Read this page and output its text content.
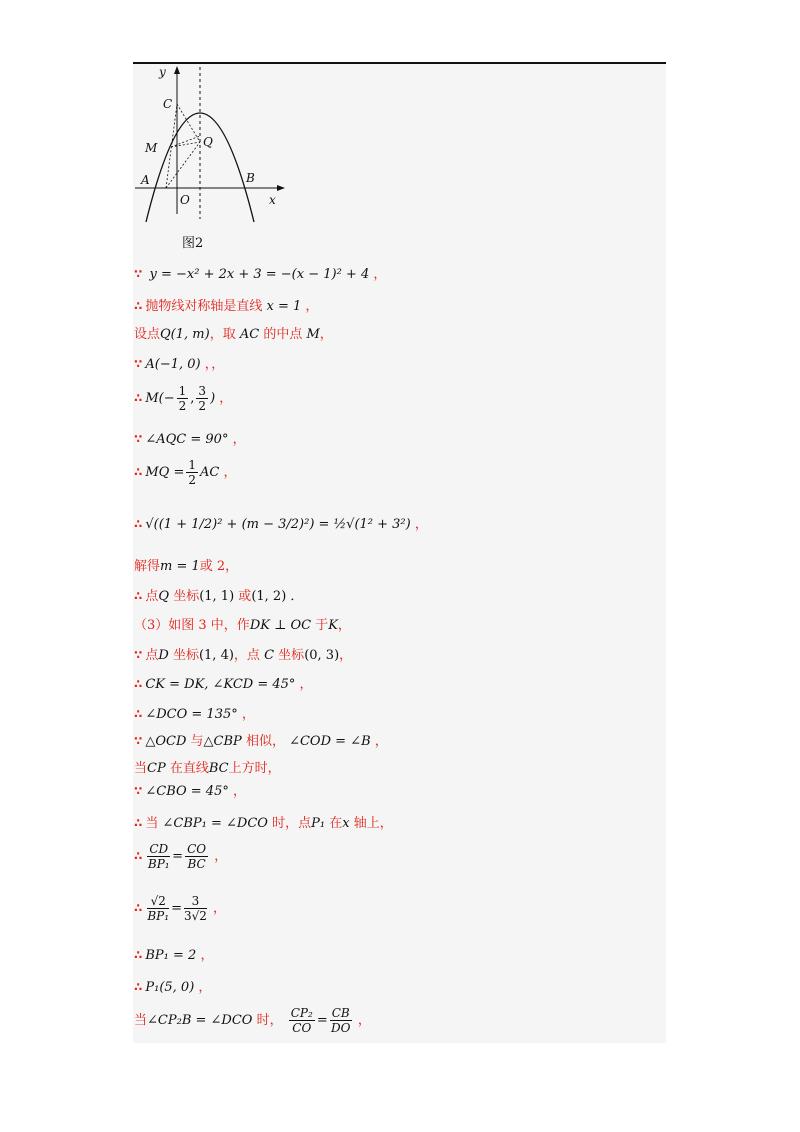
y
C
M	Q
A	B
O	x
图2
∵ y = −x² + 2x + 3 = −(x − 1)² + 4 ，
∴ 抛物线对称轴是直线 x = 1 ，
设点Q(1, m)，取 AC 的中点 M，
∵ A(−1, 0) ，，
∴ $M(- \frac{1}{2}$ , $\frac{3}{2}$ ) ，
∵ ∠AQC = 90° ，
∴ MQ = $\frac{1}{2}$ AC ，
∴ √((1 + 1/2)² + (m − 3/2)²) = ½√(1² + 3²) ，
解得m = 1或 2，
∴ 点Q 坐标(1, 1) 或(1, 2) ．
（3）如图 3 中，作DK ⊥ OC 于K，
∵ 点D 坐标(1, 4)，点 C 坐标(0, 3)，
∴ CK = DK, ∠KCD = 45° ，
∴ ∠DCO = 135° ，
∵ △OCD 与△CBP 相似， ∠COD = ∠B ，
当CP 在直线BC上方时，
∵ ∠CBO = 45° ，
∴ 当 ∠CBP₁ = ∠DCO 时，点P₁ 在x 轴上，
∴ $\frac{CD}{\text{BP₁}} = \frac{CO}{BC}$ ，
∴ $\frac{√2}{\text{BP₁}} = \frac{3}{3√2}$ ，
∴ BP₁ = 2 ，
∴ P₁(5, 0) ，
当∠CP₂B = ∠DCO 时， $\frac{\text{CP₂}}{CO} = \frac{CB}{DO}$ ，
